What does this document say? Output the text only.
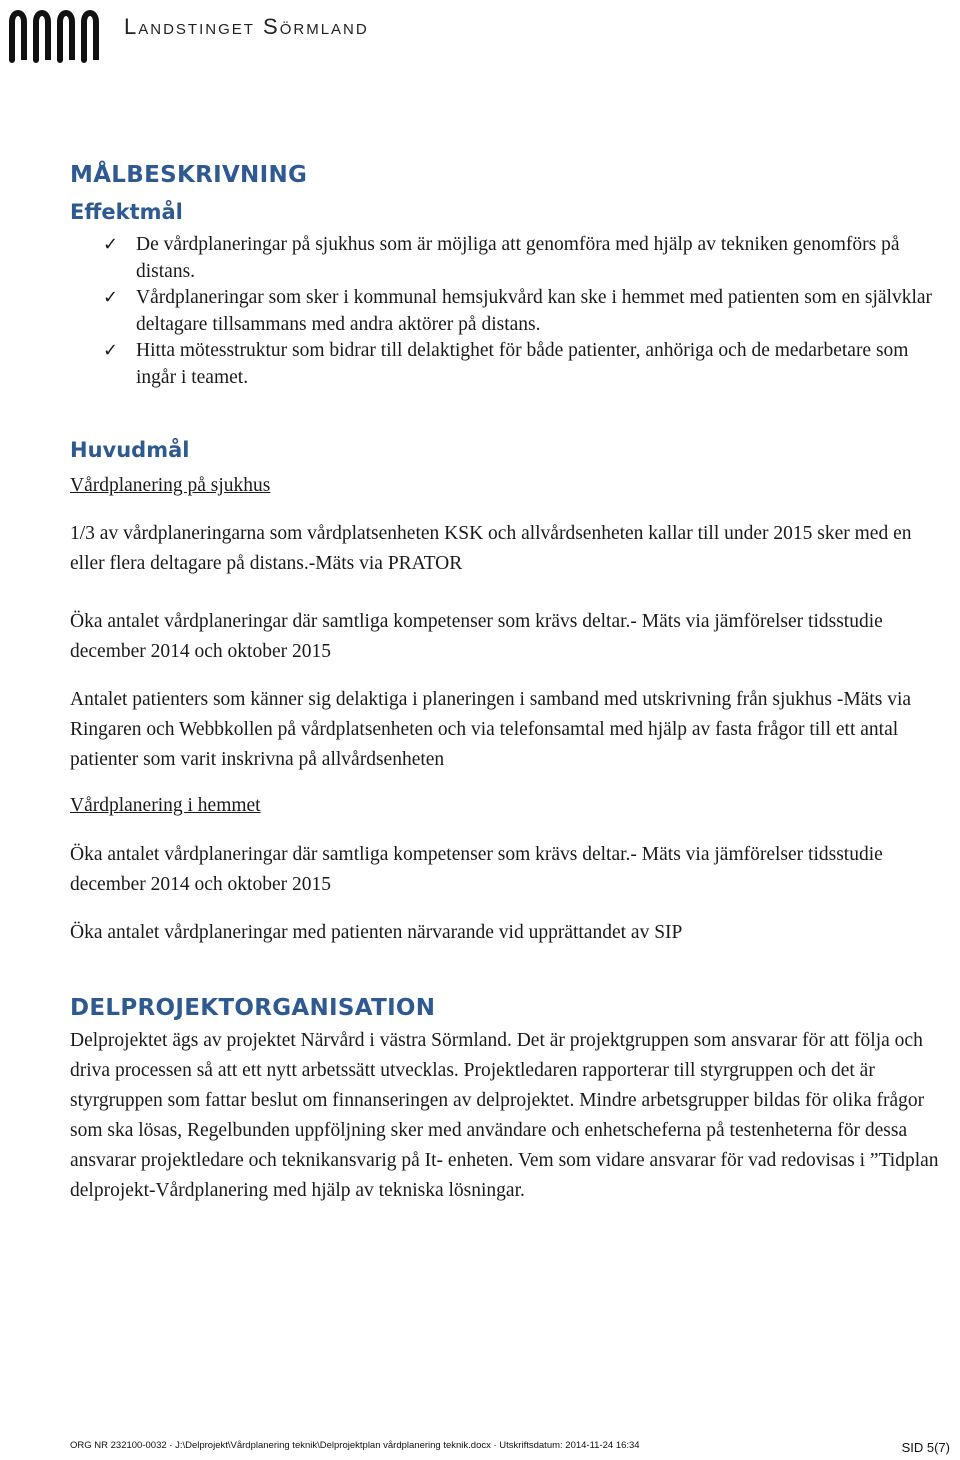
Landstinget Sörmland
MÅLBESKRIVNING
Effektmål
✓ De vårdplaneringar på sjukhus som är möjliga att genomföra med hjälp av tekniken genomförs på distans.
✓ Vårdplaneringar som sker i kommunal hemsjukvård kan ske i hemmet med patienten som en självklar deltagare tillsammans med andra aktörer på distans.
✓ Hitta mötesstruktur som bidrar till delaktighet för både patienter, anhöriga och de medarbetare som ingår i teamet.
Huvudmål

Vårdplanering på sjukhus

1/3 av vårdplaneringarna som vårdplatsenheten KSK och allvårdsenheten kallar till under 2015 sker med en eller flera deltagare på distans.-Mäts via PRATOR

Öka antalet vårdplaneringar där samtliga kompetenser som krävs deltar.- Mäts via jämförelser tidsstudie december 2014 och oktober 2015

Antalet patienters som känner sig delaktiga i planeringen i samband med utskrivning från sjukhus -Mäts via Ringaren och Webbkollen på vårdplatsenheten och via telefonsamtal med hjälp av fasta frågor till ett antal patienter som varit inskrivna på allvårdsenheten

Vårdplanering i hemmet

Öka antalet vårdplaneringar där samtliga kompetenser som krävs deltar.- Mäts via jämförelser tidsstudie december 2014 och oktober 2015

Öka antalet vårdplaneringar med patienten närvarande vid upprättandet av SIP

DELPROJEKTORGANISATION

Delprojektet ägs av projektet Närvård i västra Sörmland. Det är projektgruppen som ansvarar för att följa och driva processen så att ett nytt arbetssätt utvecklas. Projektledaren rapporterar till styrgruppen och det är styrgruppen som fattar beslut om finnanseringen av delprojektet. Mindre arbetsgrupper bildas för olika frågor som ska lösas, Regelbunden uppföljning sker med användare och enhetscheferna på testenheterna för dessa ansvarar projektledare och teknikansvarig på It- enheten. Vem som vidare ansvarar för vad redovisas i ”Tidplan delprojekt-Vårdplanering med hjälp av tekniska lösningar.

ORG NR 232100-0032 · J:\Delprojekt\Vårdplanering teknik\Delprojektplan vårdplanering teknik.docx · Utskriftsdatum: 2014-11-24 16:34	SID 5(7)
